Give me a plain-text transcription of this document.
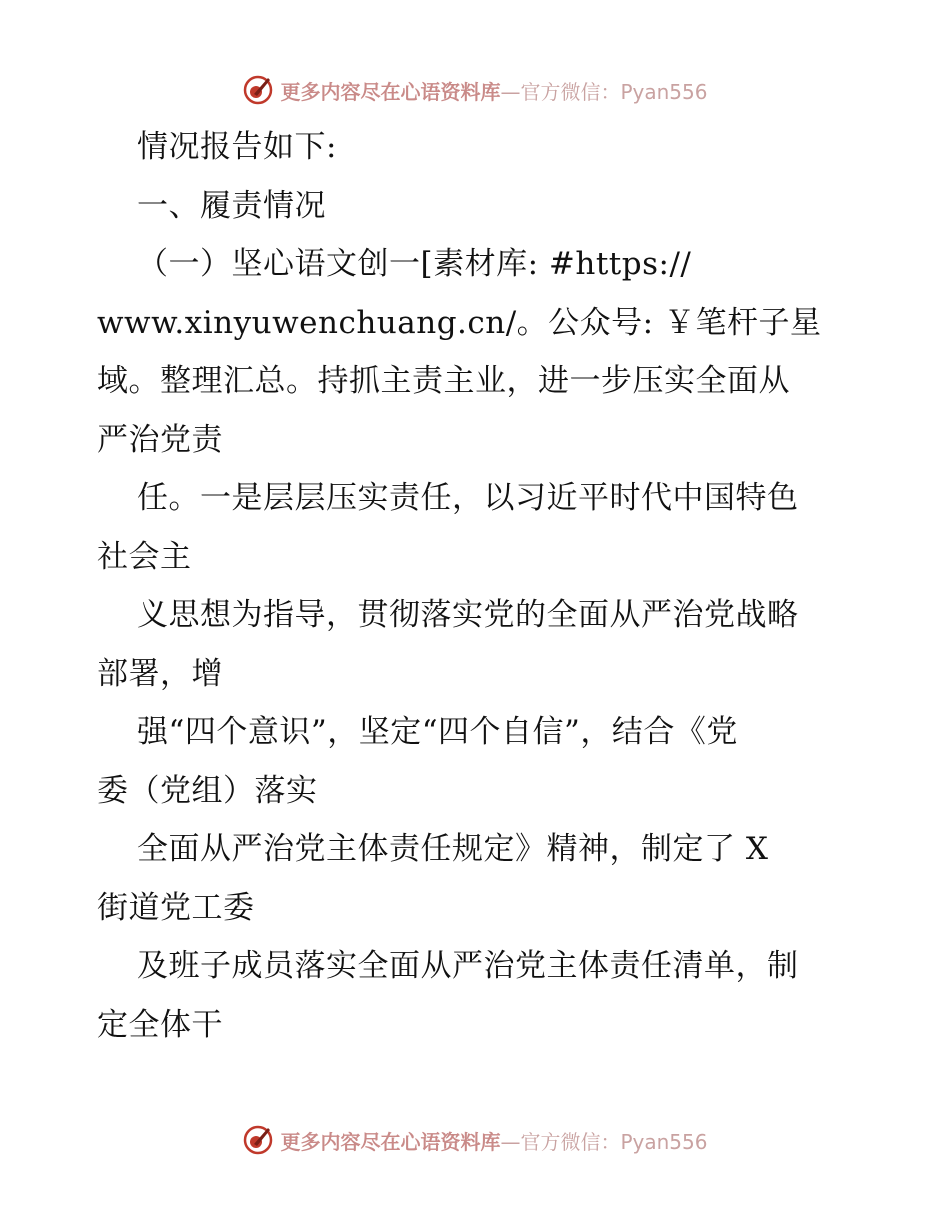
更多内容尽在心语资料库—官方微信：Pyan556
情况报告如下:
一、履责情况
（一）坚心语文创一[素材库: #https://
www.xinyuwenchuang.cn/。公众号: ￥笔杆子星
域。整理汇总。持抓主责主业，进一步压实全面从
严治党责
任。一是层层压实责任，以习近平时代中国特色
社会主
义思想为指导，贯彻落实党的全面从严治党战略
部署，增
强“四个意识”，坚定“四个自信”，结合《党
委（党组）落实
全面从严治党主体责任规定》精神，制定了 X
街道党工委
及班子成员落实全面从严治党主体责任清单，制
定全体干
更多内容尽在心语资料库—官方微信：Pyan556
